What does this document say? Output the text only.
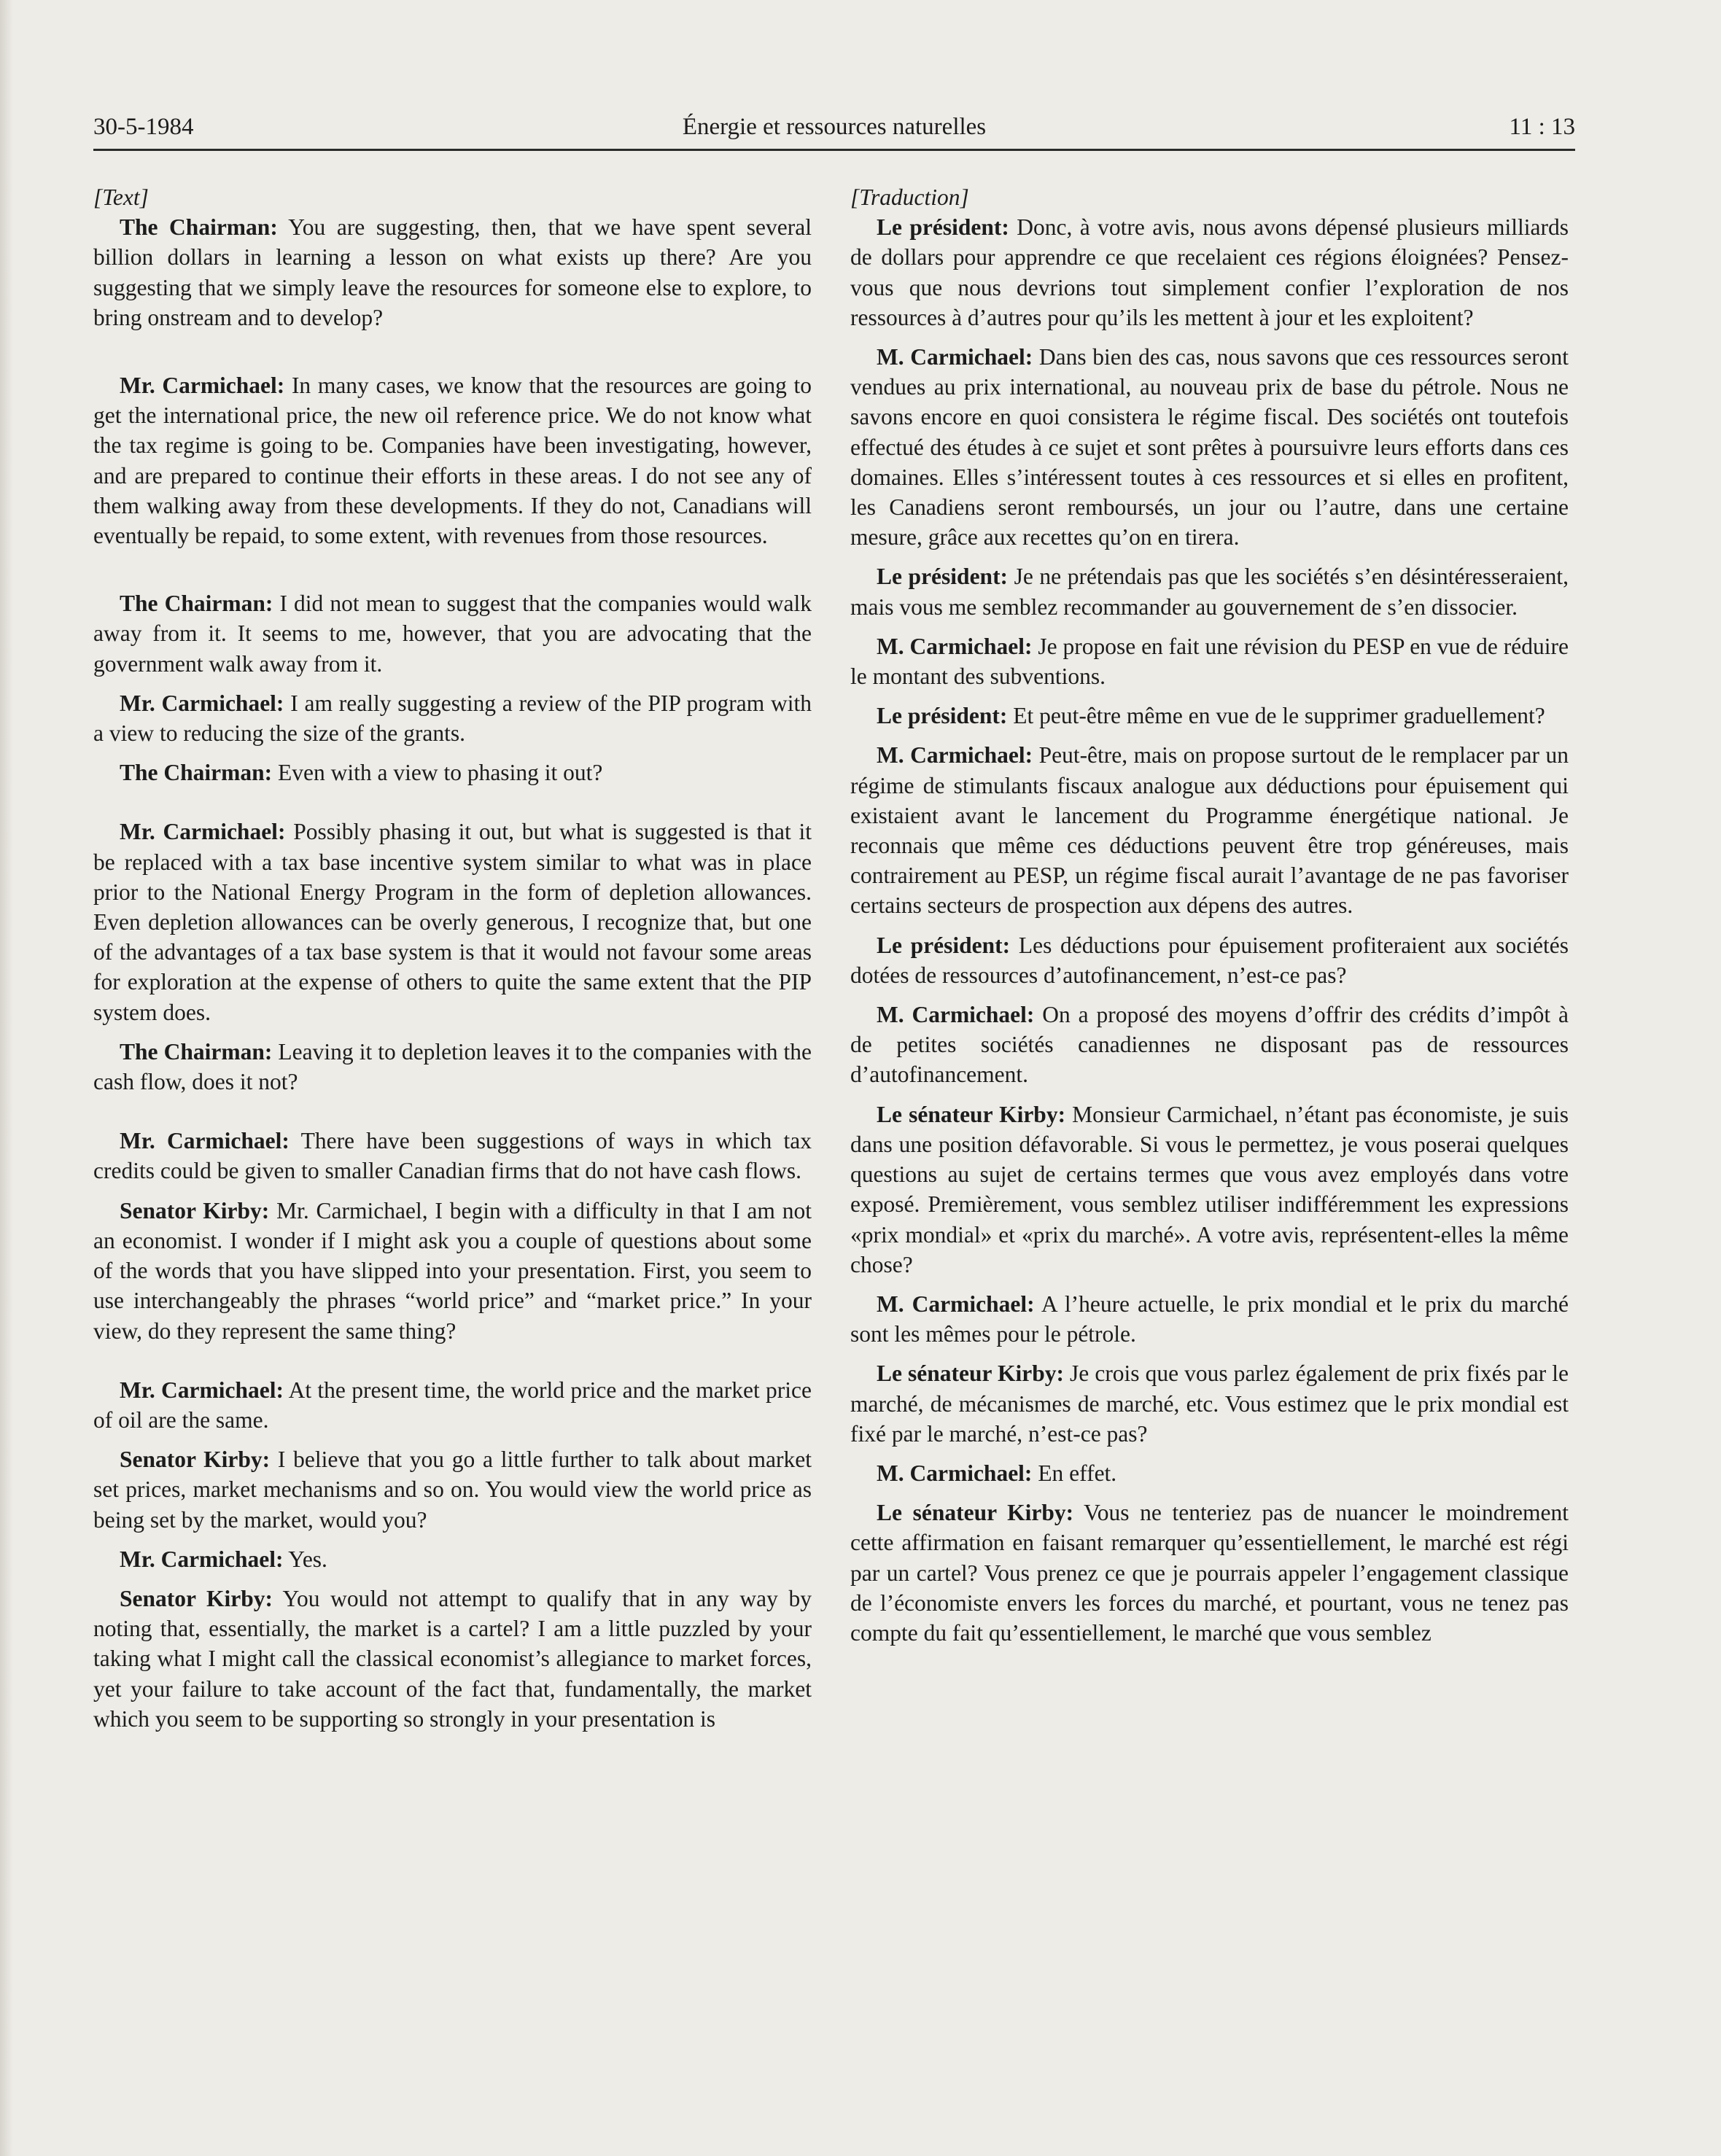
30-5-1984	Énergie et ressources naturelles	11 : 13

[Text]

The Chairman: You are suggesting, then, that we have spent several billion dollars in learning a lesson on what exists up there? Are you suggesting that we simply leave the resources for someone else to explore, to bring onstream and to develop?

Mr. Carmichael: In many cases, we know that the resources are going to get the international price, the new oil reference price. We do not know what the tax regime is going to be. Companies have been investigating, however, and are prepared to continue their efforts in these areas. I do not see any of them walking away from these developments. If they do not, Canadians will eventually be repaid, to some extent, with revenues from those resources.

The Chairman: I did not mean to suggest that the companies would walk away from it. It seems to me, however, that you are advocating that the government walk away from it.

Mr. Carmichael: I am really suggesting a review of the PIP program with a view to reducing the size of the grants.

The Chairman: Even with a view to phasing it out?

Mr. Carmichael: Possibly phasing it out, but what is suggested is that it be replaced with a tax base incentive system similar to what was in place prior to the National Energy Program in the form of depletion allowances. Even depletion allowances can be overly generous, I recognize that, but one of the advantages of a tax base system is that it would not favour some areas for exploration at the expense of others to quite the same extent that the PIP system does.

The Chairman: Leaving it to depletion leaves it to the companies with the cash flow, does it not?

Mr. Carmichael: There have been suggestions of ways in which tax credits could be given to smaller Canadian firms that do not have cash flows.

Senator Kirby: Mr. Carmichael, I begin with a difficulty in that I am not an economist. I wonder if I might ask you a couple of questions about some of the words that you have slipped into your presentation. First, you seem to use interchangeably the phrases “world price” and “market price.” In your view, do they represent the same thing?

Mr. Carmichael: At the present time, the world price and the market price of oil are the same.

Senator Kirby: I believe that you go a little further to talk about market set prices, market mechanisms and so on. You would view the world price as being set by the market, would you?

Mr. Carmichael: Yes.

Senator Kirby: You would not attempt to qualify that in any way by noting that, essentially, the market is a cartel? I am a little puzzled by your taking what I might call the classical economist’s allegiance to market forces, yet your failure to take account of the fact that, fundamentally, the market which you seem to be supporting so strongly in your presentation is

[Traduction]

Le président: Donc, à votre avis, nous avons dépensé plusieurs milliards de dollars pour apprendre ce que recelaient ces régions éloignées? Pensez-vous que nous devrions tout simplement confier l’exploration de nos ressources à d’autres pour qu’ils les mettent à jour et les exploitent?

M. Carmichael: Dans bien des cas, nous savons que ces ressources seront vendues au prix international, au nouveau prix de base du pétrole. Nous ne savons encore en quoi consistera le régime fiscal. Des sociétés ont toutefois effectué des études à ce sujet et sont prêtes à poursuivre leurs efforts dans ces domaines. Elles s’intéressent toutes à ces ressources et si elles en profitent, les Canadiens seront remboursés, un jour ou l’autre, dans une certaine mesure, grâce aux recettes qu’on en tirera.

Le président: Je ne prétendais pas que les sociétés s’en désintéresseraient, mais vous me semblez recommander au gouvernement de s’en dissocier.

M. Carmichael: Je propose en fait une révision du PESP en vue de réduire le montant des subventions.

Le président: Et peut-être même en vue de le supprimer graduellement?

M. Carmichael: Peut-être, mais on propose surtout de le remplacer par un régime de stimulants fiscaux analogue aux déductions pour épuisement qui existaient avant le lancement du Programme énergétique national. Je reconnais que même ces déductions peuvent être trop généreuses, mais contrairement au PESP, un régime fiscal aurait l’avantage de ne pas favoriser certains secteurs de prospection aux dépens des autres.

Le président: Les déductions pour épuisement profiteraient aux sociétés dotées de ressources d’autofinancement, n’est-ce pas?

M. Carmichael: On a proposé des moyens d’offrir des crédits d’impôt à de petites sociétés canadiennes ne disposant pas de ressources d’autofinancement.

Le sénateur Kirby: Monsieur Carmichael, n’étant pas économiste, je suis dans une position défavorable. Si vous le permettez, je vous poserai quelques questions au sujet de certains termes que vous avez employés dans votre exposé. Premièrement, vous semblez utiliser indifféremment les expressions «prix mondial» et «prix du marché». A votre avis, représentent-elles la même chose?

M. Carmichael: A l’heure actuelle, le prix mondial et le prix du marché sont les mêmes pour le pétrole.

Le sénateur Kirby: Je crois que vous parlez également de prix fixés par le marché, de mécanismes de marché, etc. Vous estimez que le prix mondial est fixé par le marché, n’est-ce pas?

M. Carmichael: En effet.

Le sénateur Kirby: Vous ne tenteriez pas de nuancer le moindrement cette affirmation en faisant remarquer qu’essentiellement, le marché est régi par un cartel? Vous prenez ce que je pourrais appeler l’engagement classique de l’économiste envers les forces du marché, et pourtant, vous ne tenez pas compte du fait qu’essentiellement, le marché que vous semblez
